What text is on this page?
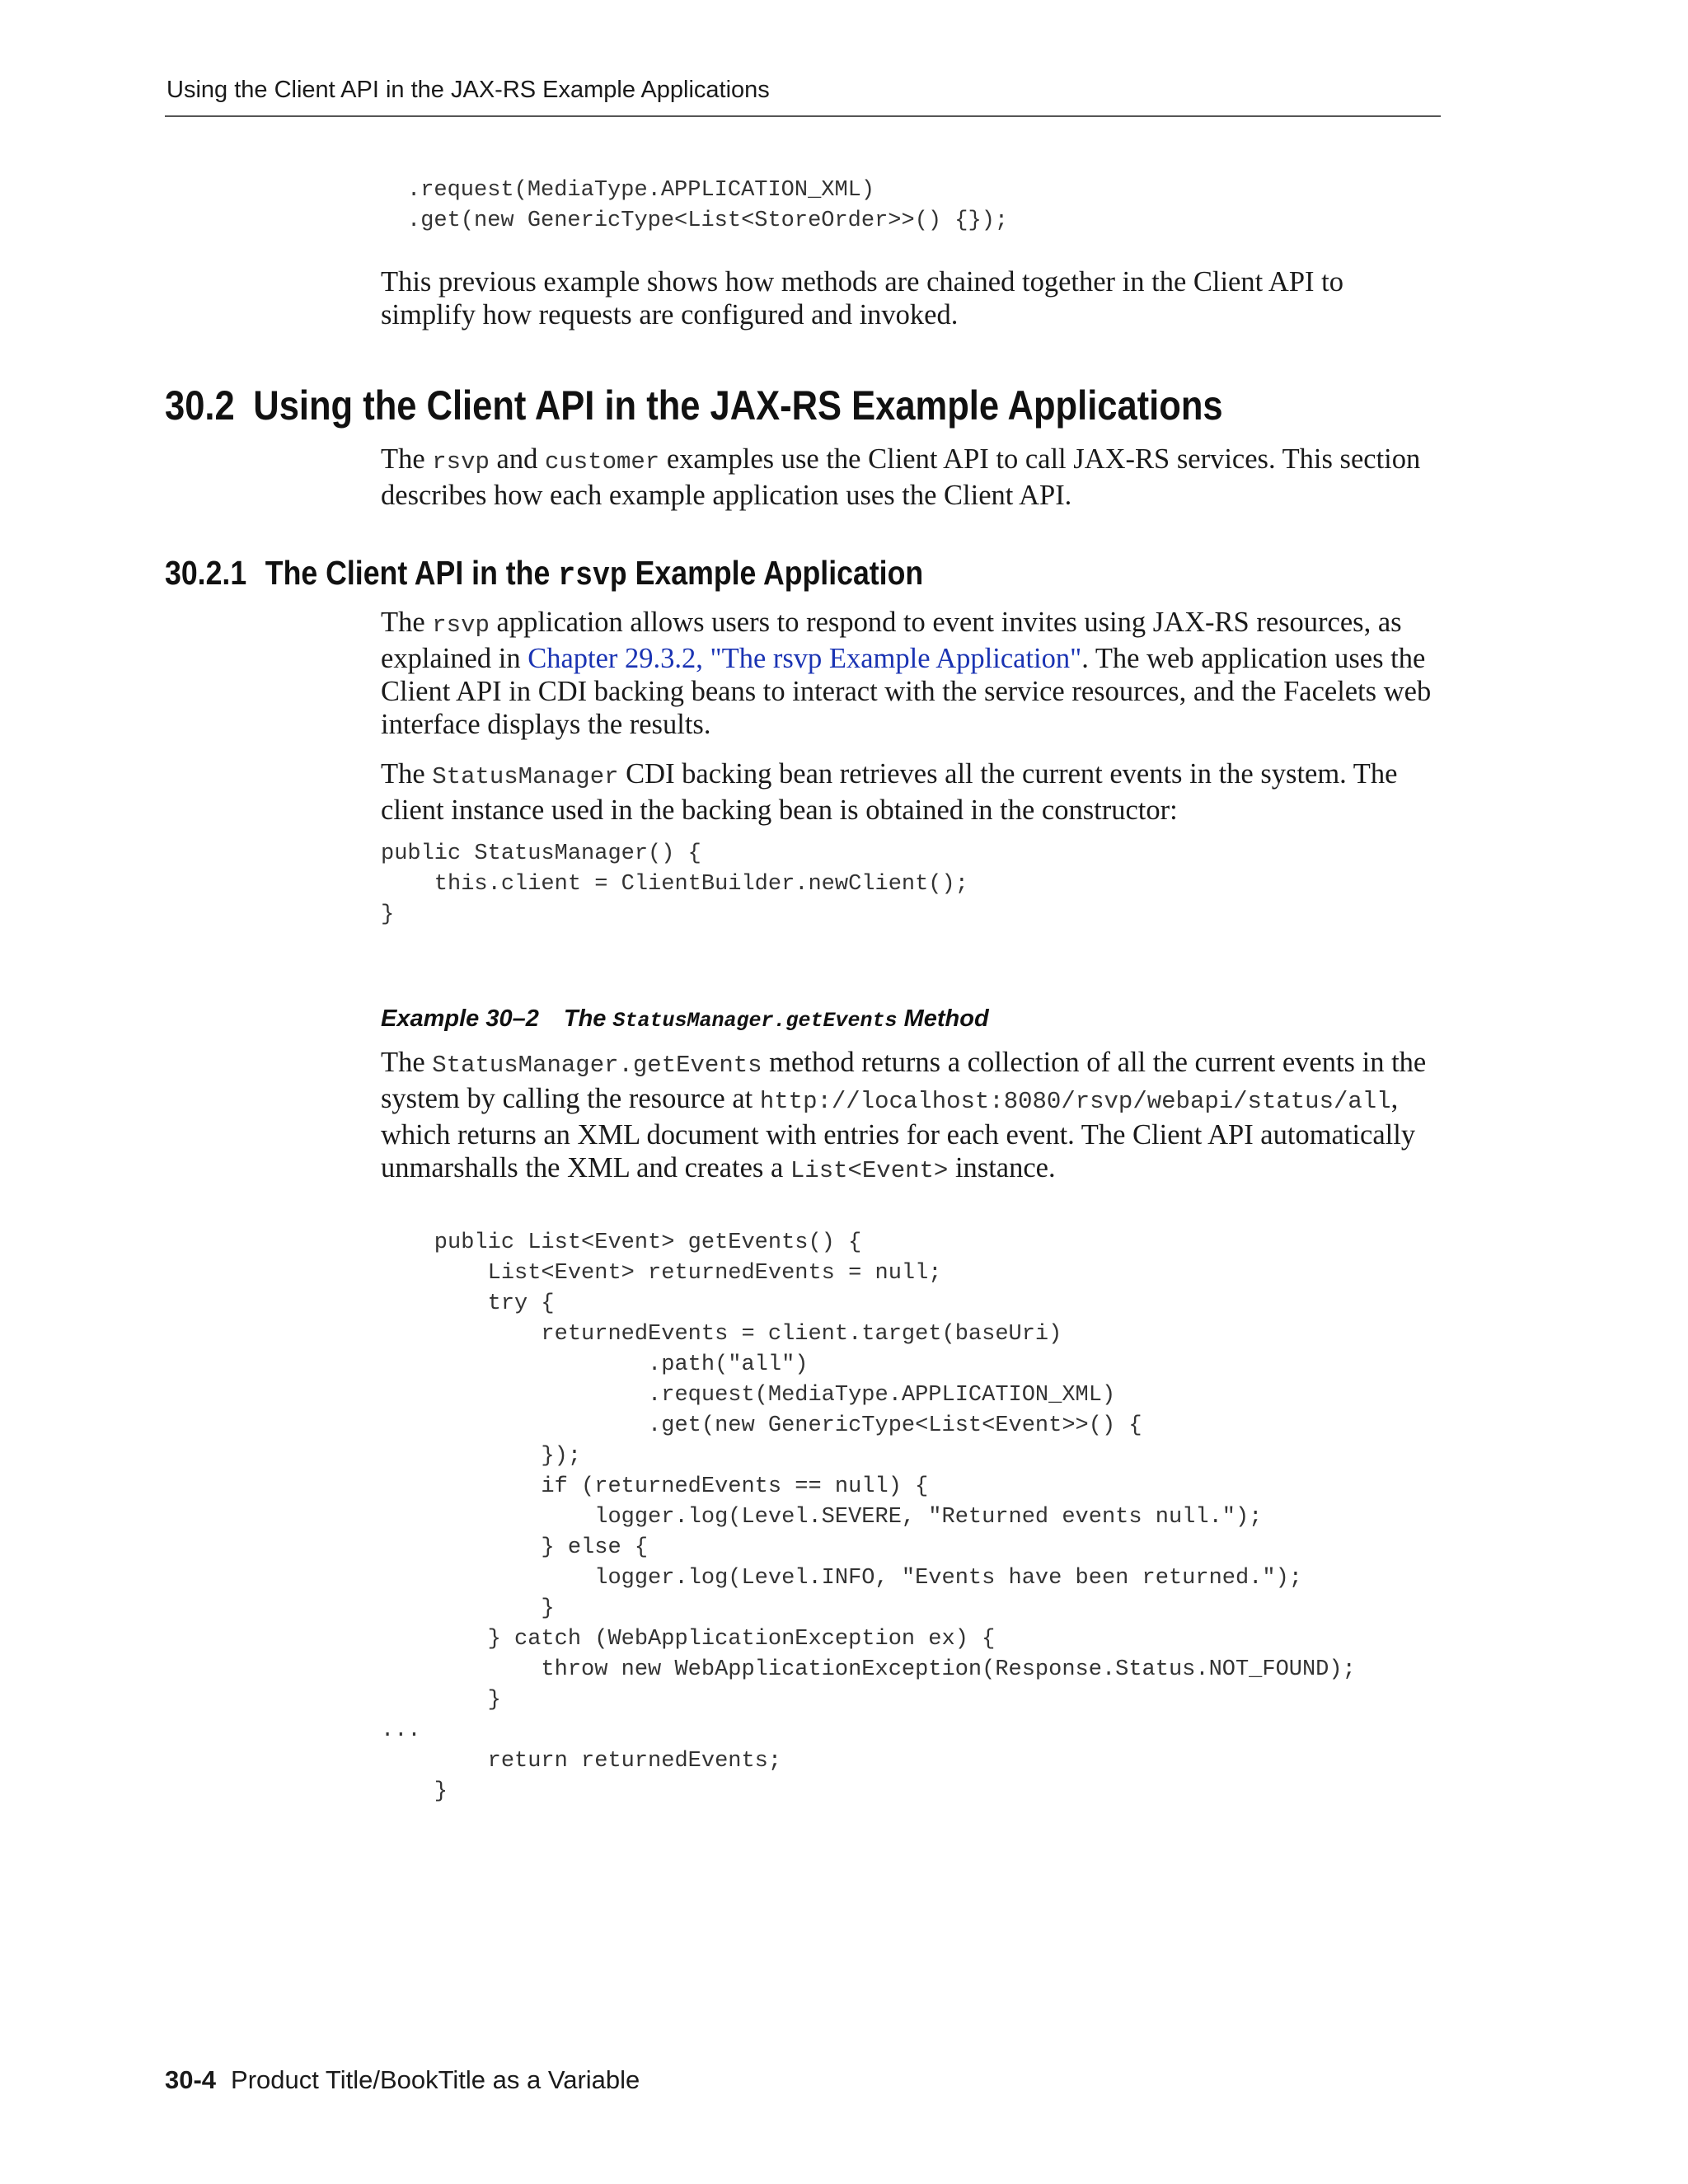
Using the Client API in the JAX-RS Example Applications
.request(MediaType.APPLICATION_XML)
.get(new GenericType<List<StoreOrder>>() {});

This previous example shows how methods are chained together in the Client API to simplify how requests are configured and invoked.

30.2 Using the Client API in the JAX-RS Example Applications

The rsvp and customer examples use the Client API to call JAX-RS services. This section describes how each example application uses the Client API.

30.2.1 The Client API in the rsvp Example Application

The rsvp application allows users to respond to event invites using JAX-RS resources, as explained in Chapter 29.3.2, "The rsvp Example Application". The web application uses the Client API in CDI backing beans to interact with the service resources, and the Facelets web interface displays the results.

The StatusManager CDI backing bean retrieves all the current events in the system. The client instance used in the backing bean is obtained in the constructor:

public StatusManager() {
this.client = ClientBuilder.newClient();
}
Example 30–2 The StatusManager.getEvents Method

The StatusManager.getEvents method returns a collection of all the current events in the system by calling the resource at http://localhost:8080/rsvp/webapi/status/all, which returns an XML document with entries for each event. The Client API automatically unmarshalls the XML and creates a List<Event> instance.

public List<Event> getEvents() {
List<Event> returnedEvents = null;
try {
returnedEvents = client.target(baseUri)
.path("all")
.request(MediaType.APPLICATION_XML)
.get(new GenericType<List<Event>>() {
});
if (returnedEvents == null) {
logger.log(Level.SEVERE, "Returned events null.");
} else {
logger.log(Level.INFO, "Events have been returned.");
}
} catch (WebApplicationException ex) {
throw new WebApplicationException(Response.Status.NOT_FOUND);
}
...
return returnedEvents;
}
30-4 Product Title/BookTitle as a Variable
